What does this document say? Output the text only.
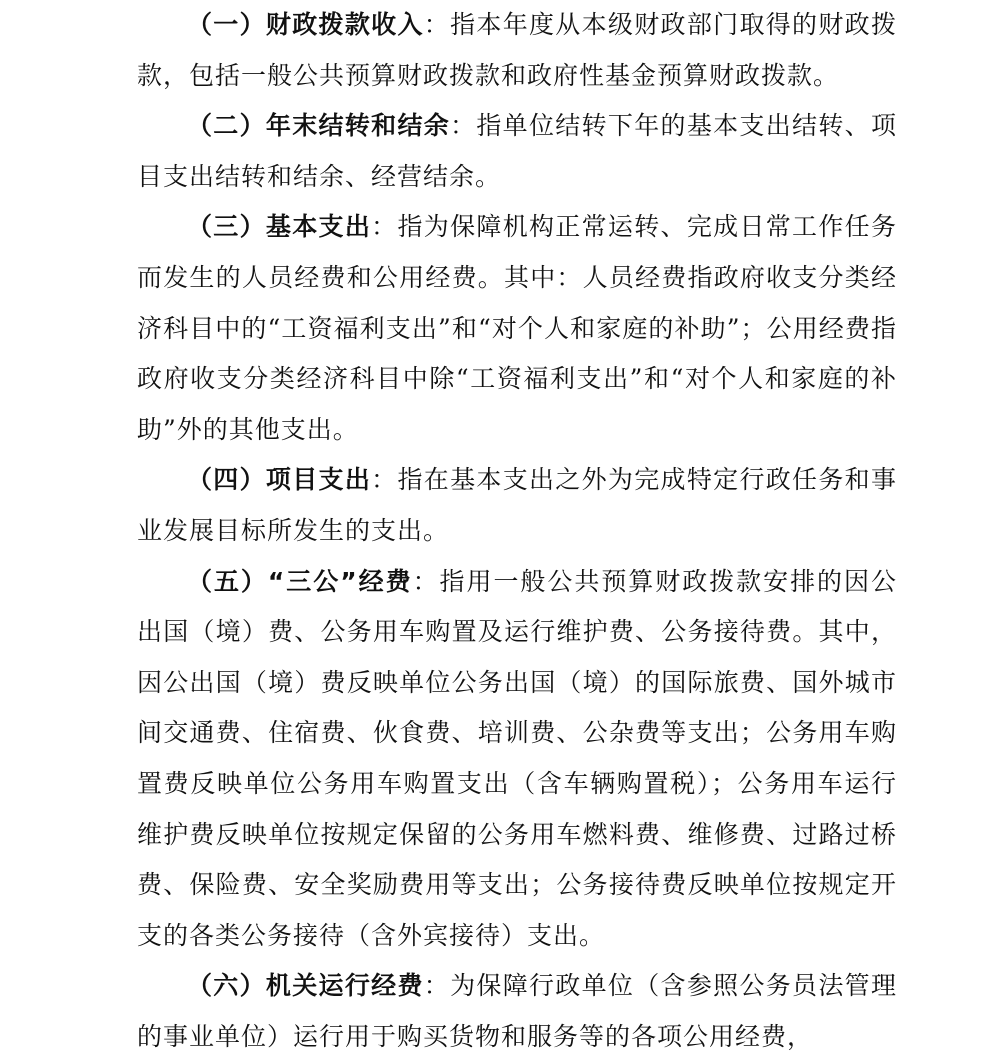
（一）财政拨款收入：指本年度从本级财政部门取得的财政拨款，包括一般公共预算财政拨款和政府性基金预算财政拨款。

（二）年末结转和结余：指单位结转下年的基本支出结转、项目支出结转和结余、经营结余。

（三）基本支出：指为保障机构正常运转、完成日常工作任务而发生的人员经费和公用经费。其中：人员经费指政府收支分类经济科目中的“工资福利支出”和“对个人和家庭的补助”；公用经费指政府收支分类经济科目中除“工资福利支出”和“对个人和家庭的补助”外的其他支出。

（四）项目支出：指在基本支出之外为完成特定行政任务和事业发展目标所发生的支出。

（五）“三公”经费：指用一般公共预算财政拨款安排的因公出国（境）费、公务用车购置及运行维护费、公务接待费。其中，因公出国（境）费反映单位公务出国（境）的国际旅费、国外城市间交通费、住宿费、伙食费、培训费、公杂费等支出；公务用车购置费反映单位公务用车购置支出（含车辆购置税）；公务用车运行维护费反映单位按规定保留的公务用车燃料费、维修费、过路过桥费、保险费、安全奖励费用等支出；公务接待费反映单位按规定开支的各类公务接待（含外宾接待）支出。

（六）机关运行经费：为保障行政单位（含参照公务员法管理的事业单位）运行用于购买货物和服务等的各项公用经费，
